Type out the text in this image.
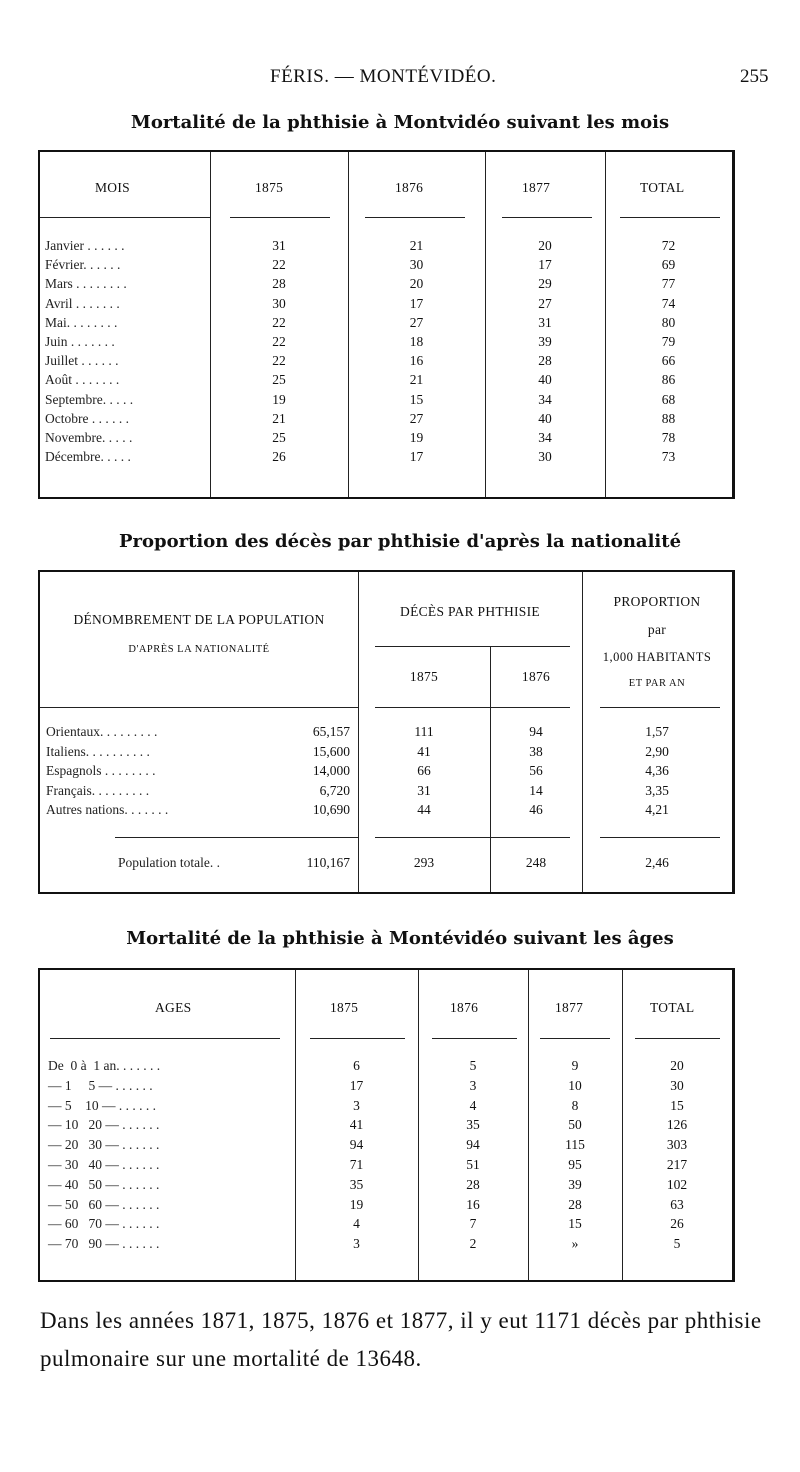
FÉRIS. — MONTÉVIDÉO.	255
Mortalité de la phthisie à Montvidéo suivant les mois
MOIS	1875	1876	1877	TOTAL
Janvier . . . . . .	31	21	20	72
Février. . . . . .	22	30	17	69
Mars . . . . . . . .	28	20	29	77
Avril . . . . . . .	30	17	27	74
Mai. . . . . . . .	22	27	31	80
Juin . . . . . . .	22	18	39	79
Juillet . . . . . .	22	16	28	66
Août . . . . . . .	25	21	40	86
Septembre. . . . .	19	15	34	68
Octobre . . . . . .	21	27	40	88
Novembre. . . . .	25	19	34	78
Décembre. . . . .	26	17	30	73
Proportion des décès par phthisie d'après la nationalité
DÉNOMBREMENT DE LA POPULATION
D'APRÈS LA NATIONALITÉ
DÉCÈS PAR PHTHISIE
1875	1876
PROPORTION
par
1,000 HABITANTS
ET PAR AN
Orientaux. . . . . . . . .	65,157	111	94	1,57
Italiens. . . . . . . . . .	15,600	41	38	2,90
Espagnols . . . . . . . .	14,000	66	56	4,36
Français. . . . . . . . .	6,720	31	14	3,35
Autres nations. . . . . . .	10,690	44	46	4,21
Population totale. .	110,167	293	248	2,46
Mortalité de la phthisie à Montévidéo suivant les âges
AGES	1875	1876	1877	TOTAL
De  0 à  1 an. . . . . . .	6	5	9	20
— 1     5 — . . . . . .	17	3	10	30
— 5    10 — . . . . . .	3	4	8	15
— 10   20 — . . . . . .	41	35	50	126
— 20   30 — . . . . . .	94	94	115	303
— 30   40 — . . . . . .	71	51	95	217
— 40   50 — . . . . . .	35	28	39	102
— 50   60 — . . . . . .	19	16	28	63
— 60   70 — . . . . . .	4	7	15	26
— 70   90 — . . . . . .	3	2	»	5
Dans les années 1871, 1875, 1876 et 1877, il y eut 1171 décès par phthisie pulmonaire sur une mortalité de 13648.
